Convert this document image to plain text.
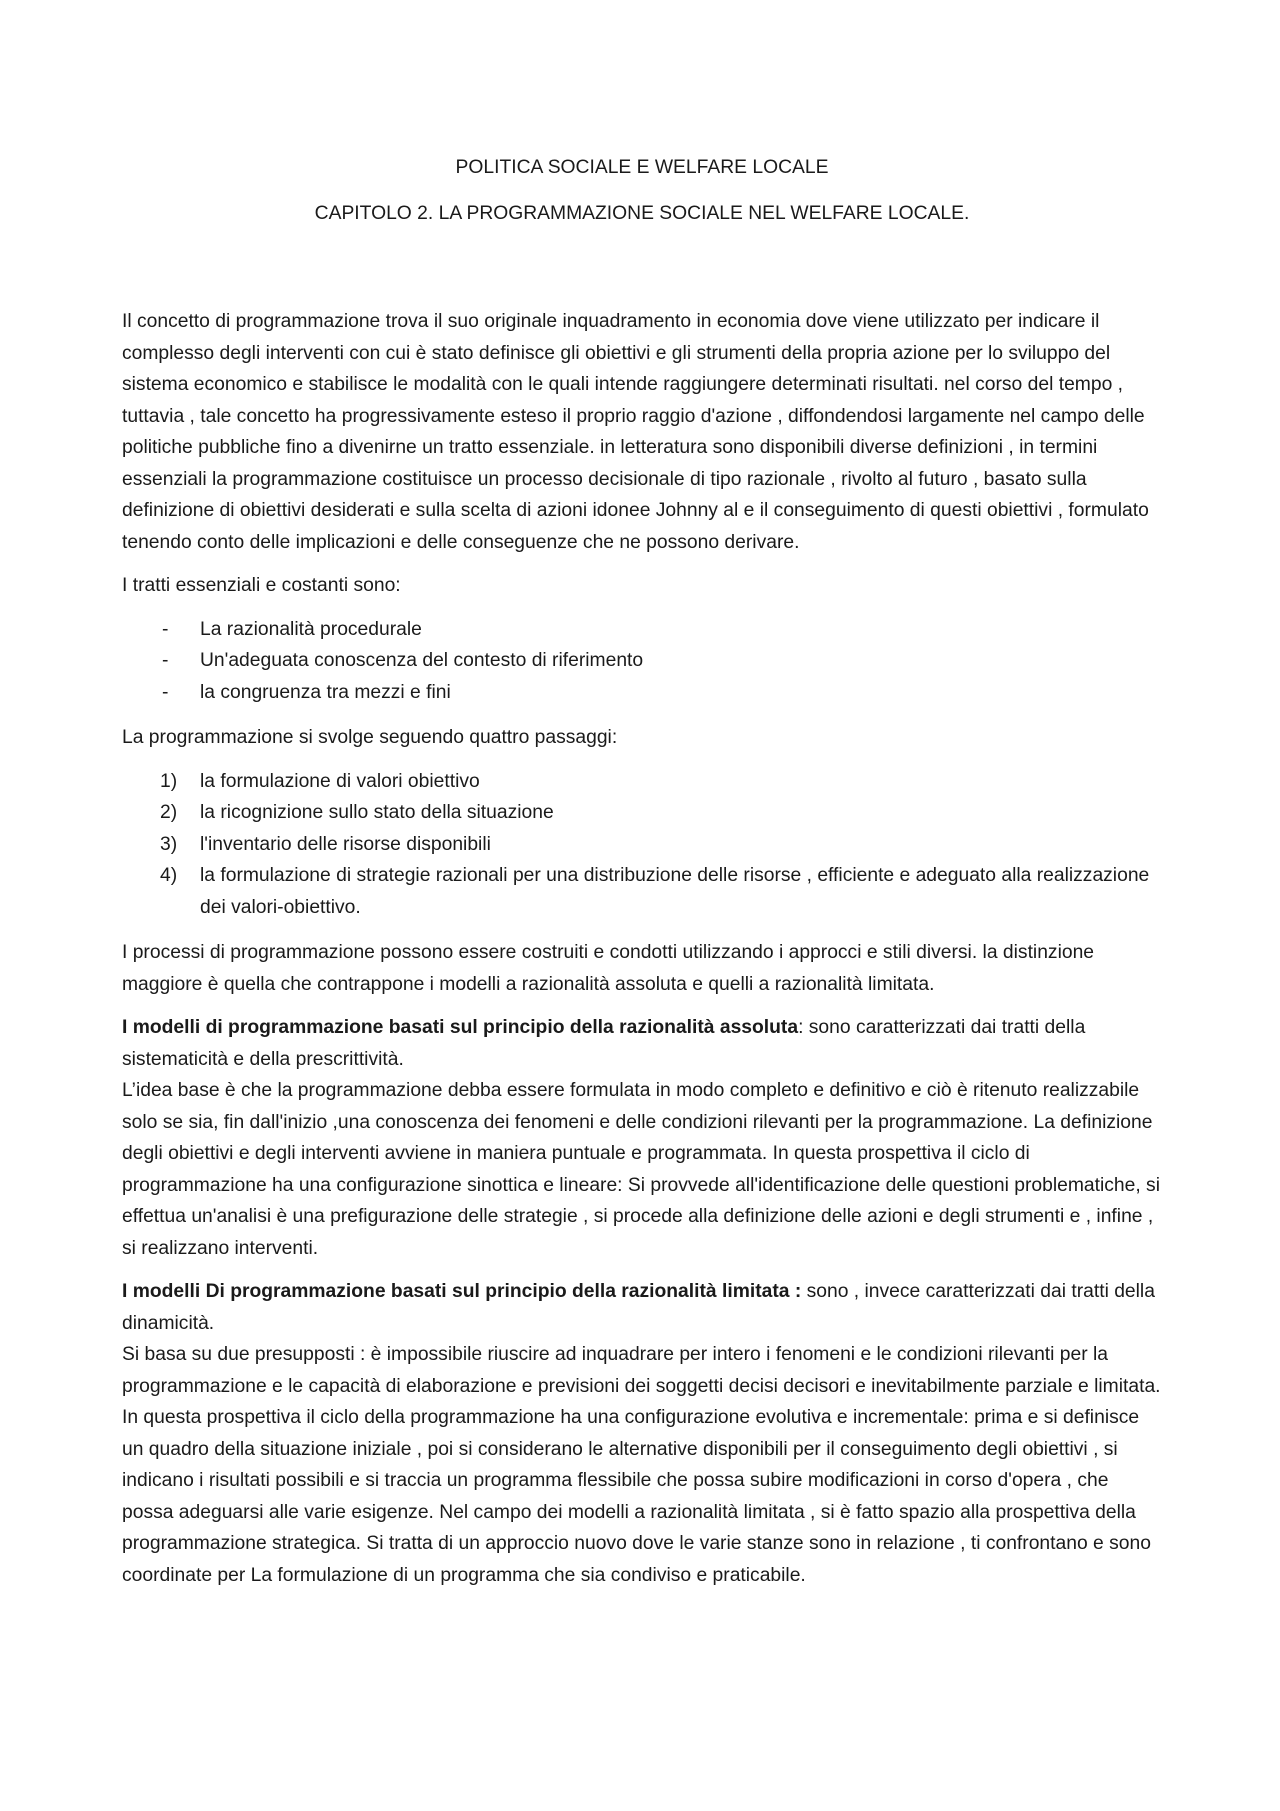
POLITICA SOCIALE E WELFARE LOCALE
CAPITOLO 2. LA PROGRAMMAZIONE SOCIALE NEL WELFARE LOCALE.

Il concetto di programmazione trova il suo originale inquadramento in economia dove viene utilizzato per indicare il complesso degli interventi con cui è stato definisce gli obiettivi e gli strumenti della propria azione per lo sviluppo del sistema economico e stabilisce le modalità con le quali intende raggiungere determinati risultati. nel corso del tempo , tuttavia , tale concetto ha progressivamente esteso il proprio raggio d'azione , diffondendosi largamente nel campo delle politiche pubbliche fino a divenirne un tratto essenziale. in letteratura sono disponibili diverse definizioni , in termini essenziali la programmazione costituisce un processo decisionale di tipo razionale , rivolto al futuro , basato sulla definizione di obiettivi desiderati e sulla scelta di azioni idonee Johnny al e il conseguimento di questi obiettivi , formulato tenendo conto delle implicazioni e delle conseguenze che ne possono derivare.

I tratti essenziali e costanti sono:

-	La razionalità procedurale
-	Un'adeguata conoscenza del contesto di riferimento
-	la congruenza tra mezzi e fini

La programmazione si svolge seguendo quattro passaggi:

1)	la formulazione di valori obiettivo
2)	la ricognizione sullo stato della situazione
3)	l'inventario delle risorse disponibili
4)	la formulazione di strategie razionali per una distribuzione delle risorse , efficiente e adeguato alla realizzazione dei valori-obiettivo.

I processi di programmazione possono essere costruiti e condotti utilizzando i approcci e stili diversi. la distinzione maggiore è quella che contrappone i modelli a razionalità assoluta e quelli a razionalità limitata.

I modelli di programmazione basati sul principio della razionalità assoluta: sono caratterizzati dai tratti della sistematicità e della prescrittività.
L’idea base è che la programmazione debba essere formulata in modo completo e definitivo e ciò è ritenuto realizzabile solo se sia, fin dall'inizio ,una conoscenza dei fenomeni e delle condizioni rilevanti per la programmazione. La definizione degli obiettivi e degli interventi avviene in maniera puntuale e programmata. In questa prospettiva il ciclo di programmazione ha una configurazione sinottica e lineare: Si provvede all'identificazione delle questioni problematiche, si effettua un'analisi è una prefigurazione delle strategie , si procede alla definizione delle azioni e degli strumenti e , infine , si realizzano interventi.

I modelli Di programmazione basati sul principio della razionalità limitata : sono , invece caratterizzati dai tratti della dinamicità.
Si basa su due presupposti : è impossibile riuscire ad inquadrare per intero i fenomeni e le condizioni rilevanti per la programmazione e le capacità di elaborazione e previsioni dei soggetti decisi decisori e inevitabilmente parziale e limitata. In questa prospettiva il ciclo della programmazione ha una configurazione evolutiva e incrementale: prima e si definisce un quadro della situazione iniziale , poi si considerano le alternative disponibili per il conseguimento degli obiettivi , si indicano i risultati possibili e si traccia un programma flessibile che possa subire modificazioni in corso d'opera , che possa adeguarsi alle varie esigenze. Nel campo dei modelli a razionalità limitata , si è fatto spazio alla prospettiva della programmazione strategica. Si tratta di un approccio nuovo dove le varie stanze sono in relazione , ti confrontano e sono coordinate per La formulazione di un programma che sia condiviso e praticabile.
